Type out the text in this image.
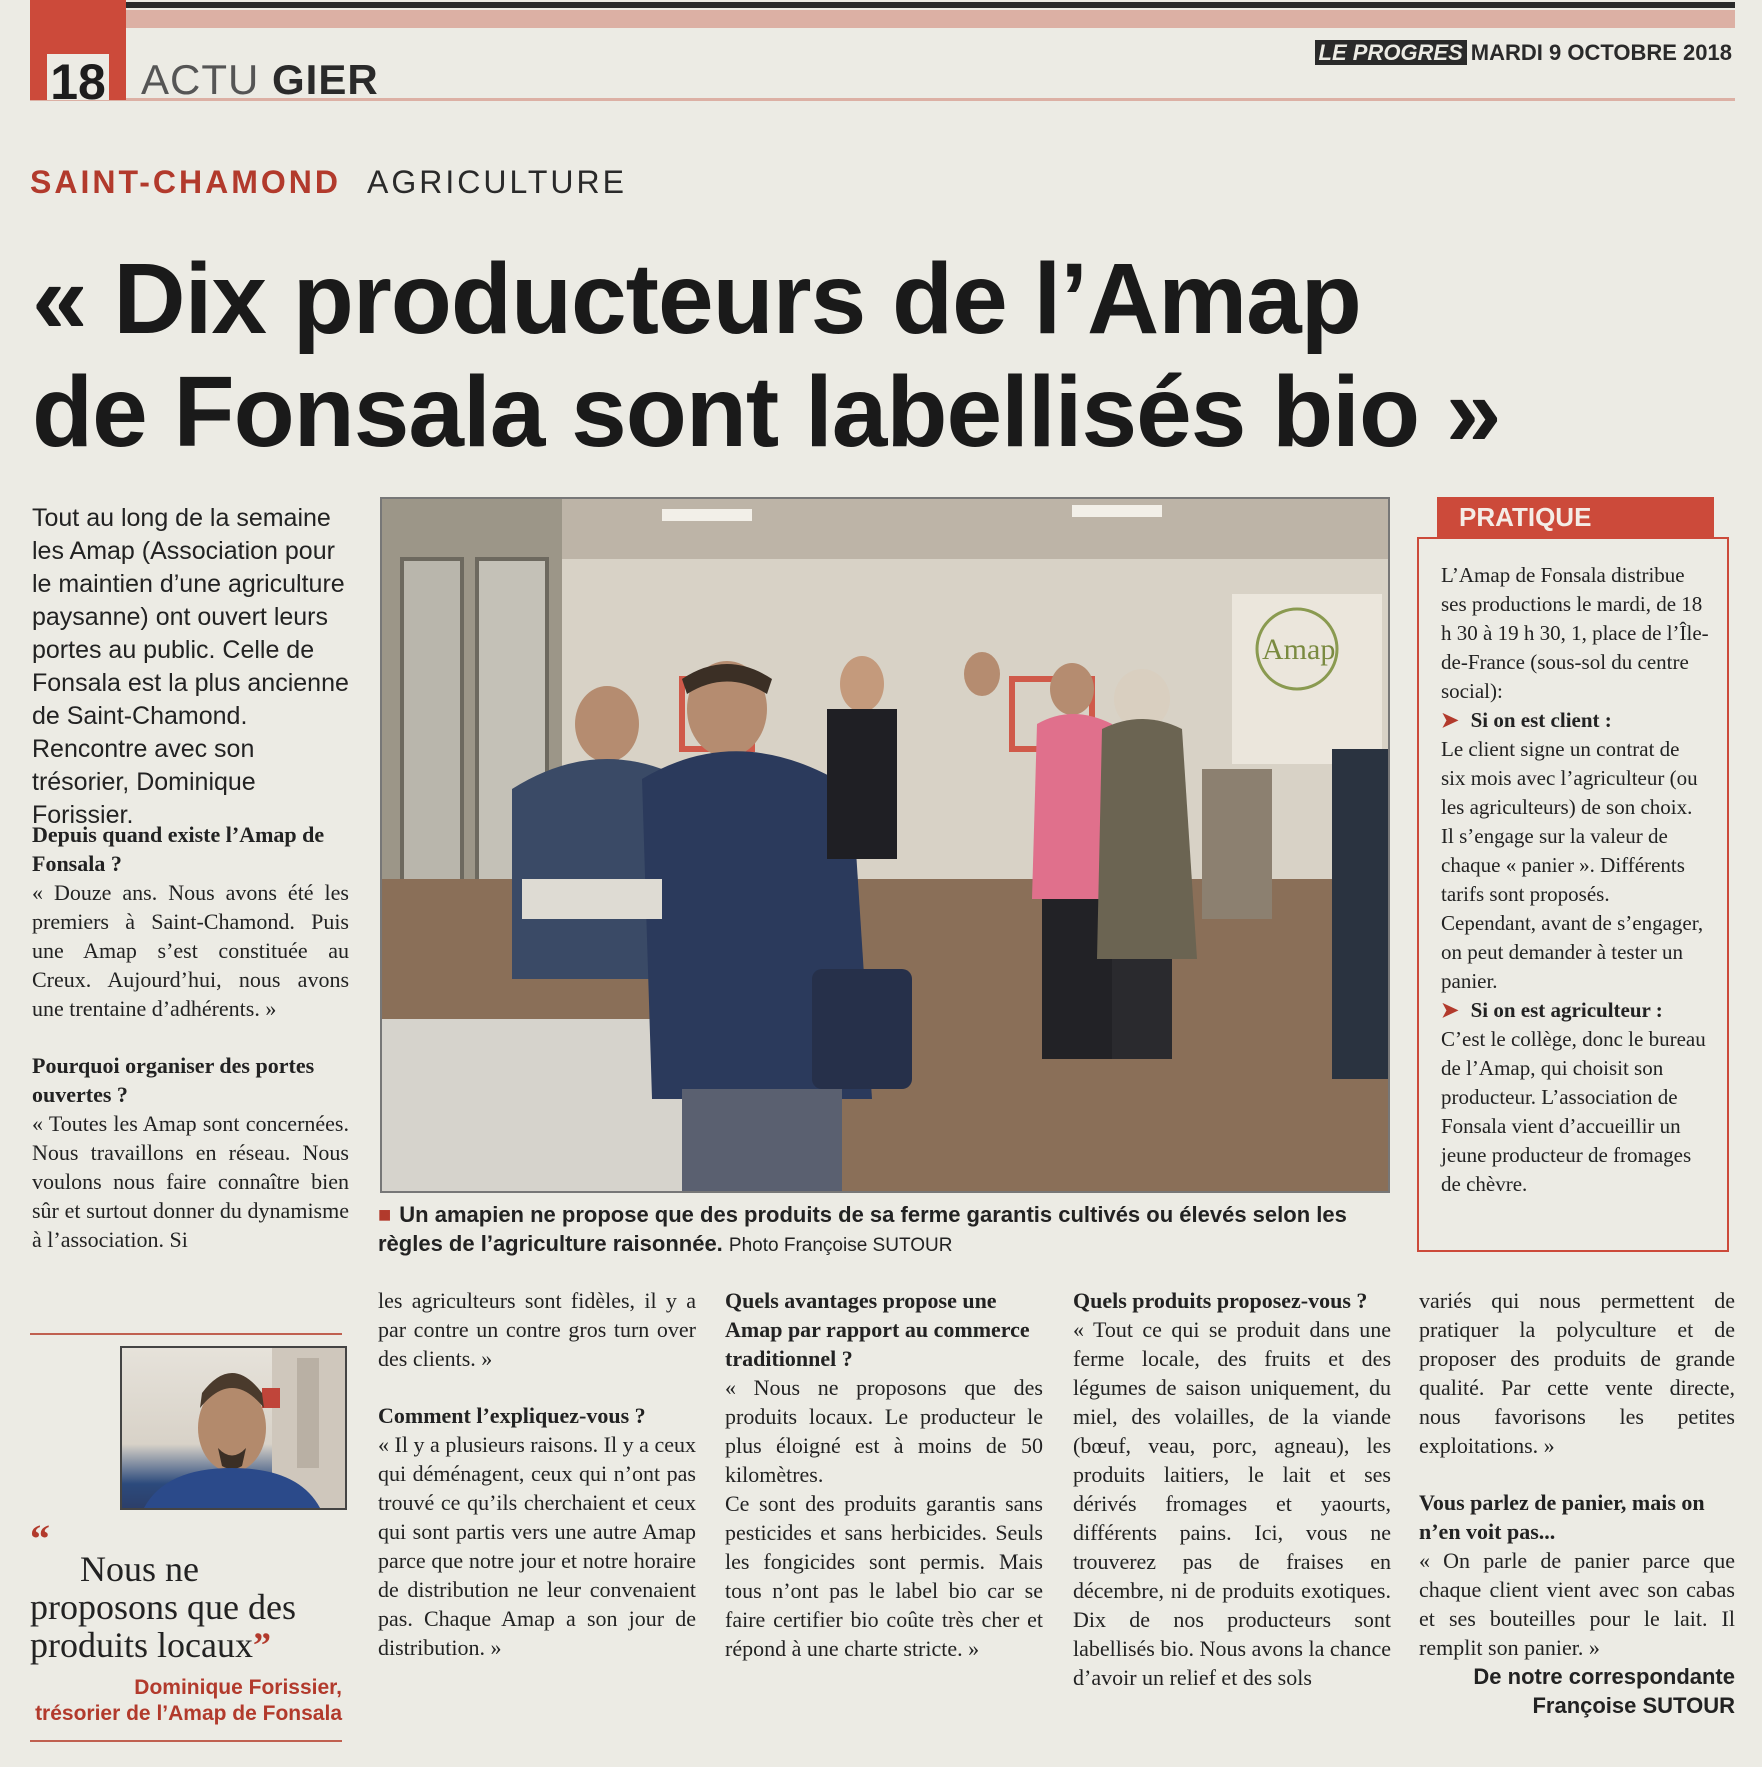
18 ACTU GIER
LE PROGRES MARDI 9 OCTOBRE 2018
SAINT-CHAMOND AGRICULTURE
« Dix producteurs de l’Amap
de Fonsala sont labellisés bio »
Tout au long de la semaine les Amap (Association pour le maintien d’une agriculture paysanne) ont ouvert leurs portes au public. Celle de Fonsala est la plus ancienne de Saint-Chamond. Rencontre avec son trésorier, Dominique Forissier.

Depuis quand existe l’Amap de Fonsala ?

« Douze ans. Nous avons été les premiers à Saint-Chamond. Puis une Amap s’est constituée au Creux. Aujourd’hui, nous avons une trentaine d’adhérents. »

Pourquoi organiser des portes ouvertes ?

« Toutes les Amap sont concernées. Nous travaillons en réseau. Nous voulons nous faire connaître bien sûr et surtout donner du dynamisme à l’association. Si

“
Nous ne proposons que des produits locaux”
Dominique Forissier,
trésorier de l’Amap de Fonsala
Amap
■ Un amapien ne propose que des produits de sa ferme garantis cultivés ou élevés selon les règles de l’agriculture raisonnée. Photo Françoise SUTOUR
PRATIQUE

L’Amap de Fonsala distribue ses productions le mardi, de 18 h 30 à 19 h 30, 1, place de l’Île-de-France (sous-sol du centre social):

➤ Si on est client :

Le client signe un contrat de six mois avec l’agriculteur (ou les agriculteurs) de son choix. Il s’engage sur la valeur de chaque « panier ». Différents tarifs sont proposés. Cependant, avant de s’engager, on peut demander à tester un panier.

➤ Si on est agriculteur :

C’est le collège, donc le bureau de l’Amap, qui choisit son producteur. L’association de Fonsala vient d’accueillir un jeune producteur de fromages de chèvre.

les agriculteurs sont fidèles, il y a par contre un contre gros turn over des clients. »

Comment l’expliquez-vous ?

« Il y a plusieurs raisons. Il y a ceux qui déménagent, ceux qui n’ont pas trouvé ce qu’ils cherchaient et ceux qui sont partis vers une autre Amap parce que notre jour et notre horaire de distribution ne leur convenaient pas. Chaque Amap a son jour de distribution. »

Quels avantages propose une Amap par rapport au commerce traditionnel ?

« Nous ne proposons que des produits locaux. Le producteur le plus éloigné est à moins de 50 kilomètres.

Ce sont des produits garantis sans pesticides et sans herbicides. Seuls les fongicides sont permis. Mais tous n’ont pas le label bio car se faire certifier bio coûte très cher et répond à une charte stricte. »

Quels produits proposez-vous ?

« Tout ce qui se produit dans une ferme locale, des fruits et des légumes de saison uniquement, du miel, des volailles, de la viande (bœuf, veau, porc, agneau), les produits laitiers, le lait et ses dérivés fromages et yaourts, différents pains. Ici, vous ne trouverez pas de fraises en décembre, ni de produits exotiques. Dix de nos producteurs sont labellisés bio. Nous avons la chance d’avoir un relief et des sols

variés qui nous permettent de pratiquer la polyculture et de proposer des produits de grande qualité. Par cette vente directe, nous favorisons les petites exploitations. »

Vous parlez de panier, mais on n’en voit pas...

« On parle de panier parce que chaque client vient avec son cabas et ses bouteilles pour le lait. Il remplit son panier. »

De notre correspondante
Françoise SUTOUR
